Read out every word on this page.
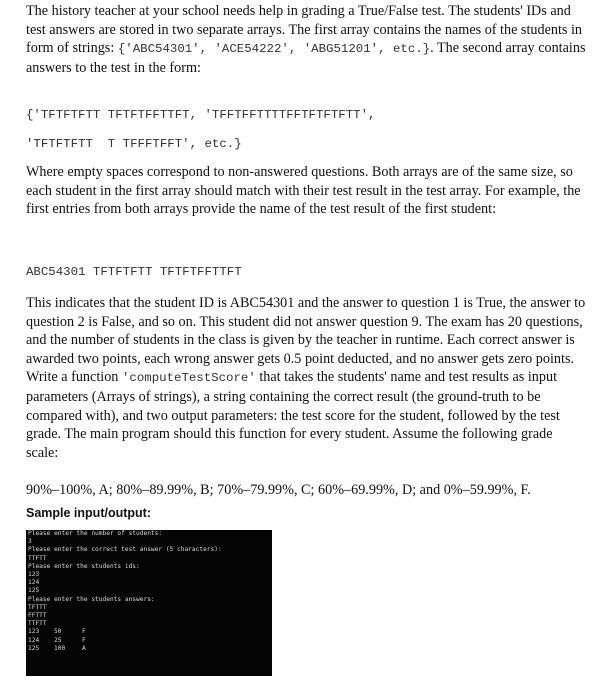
The history teacher at your school needs help in grading a True/False test. The students' IDs and test answers are stored in two separate arrays. The first array contains the names of the students in form of strings: {'ABC54301', 'ACE54222', 'ABG51201', etc.}. The second array contains answers to the test in the form:

{'TFTFTFTT TFTFTFFTTFT, 'TFFTFFTTTTFFTFTFTFTT',
'TFTFTFTT  T TFFFTFFT', etc.}

Where empty spaces correspond to non-answered questions. Both arrays are of the same size, so each student in the first array should match with their test result in the test array. For example, the first entries from both arrays provide the name of the test result of the first student:

ABC54301 TFTFTFTT TFTFTFFTTFT

This indicates that the student ID is ABC54301 and the answer to question 1 is True, the answer to question 2 is False, and so on. This student did not answer question 9. The exam has 20 questions, and the number of students in the class is given by the teacher in runtime. Each correct answer is awarded two points, each wrong answer gets 0.5 point deducted, and no answer gets zero points. Write a function 'computeTestScore' that takes the students' name and test results as input parameters (Arrays of strings), a string containing the correct result (the ground-truth to be compared with), and two output parameters: the test score for the student, followed by the test grade. The main program should this function for every student. Assume the following grade scale:

90%–100%, A; 80%–89.99%, B; 70%–79.99%, C; 60%–69.99%, D; and 0%–59.99%, F.

Sample input/output:
Please enter the number of students:
3
Please enter the correct test answer (5 characters):
TTFTT
Please enter the students ids:
123
124
125
Please enter the students answers:
TFTTT
FFTTT
TTFTT
123	50	F
124	25	F
125	100	A
